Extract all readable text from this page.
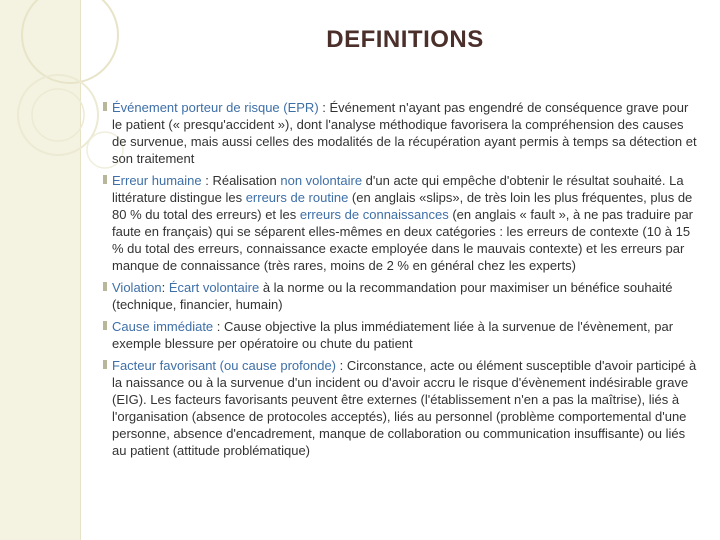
DEFINITIONS

Événement porteur de risque (EPR) : Événement n'ayant pas engendré de conséquence grave pour le patient (« presqu'accident »), dont l'analyse méthodique favorisera la compréhension des causes de survenue, mais aussi celles des modalités de la récupération ayant permis à temps sa détection et son traitement

Erreur humaine : Réalisation non volontaire d'un acte qui empêche d'obtenir le résultat souhaité. La littérature distingue les erreurs de routine (en anglais «slips», de très loin les plus fréquentes, plus de 80 % du total des erreurs) et les erreurs de connaissances (en anglais « fault », à ne pas traduire par faute en français) qui se séparent elles-mêmes en deux catégories : les erreurs de contexte (10 à 15 % du total des erreurs, connaissance exacte employée dans le mauvais contexte) et les erreurs par manque de connaissance (très rares, moins de 2 % en général chez les experts)

Violation: Écart volontaire à la norme ou la recommandation pour maximiser un bénéfice souhaité (technique, financier, humain)

Cause immédiate : Cause objective la plus immédiatement liée à la survenue de l'évènement, par exemple blessure per opératoire ou chute du patient

Facteur favorisant (ou cause profonde) : Circonstance, acte ou élément susceptible d'avoir participé à la naissance ou à la survenue d'un incident ou d'avoir accru le risque d'évènement indésirable grave (EIG). Les facteurs favorisants peuvent être externes (l'établissement n'en a pas la maîtrise), liés à l'organisation (absence de protocoles acceptés), liés au personnel (problème comportemental d'une personne, absence d'encadrement, manque de collaboration ou communication insuffisante) ou liés au patient (attitude problématique)
